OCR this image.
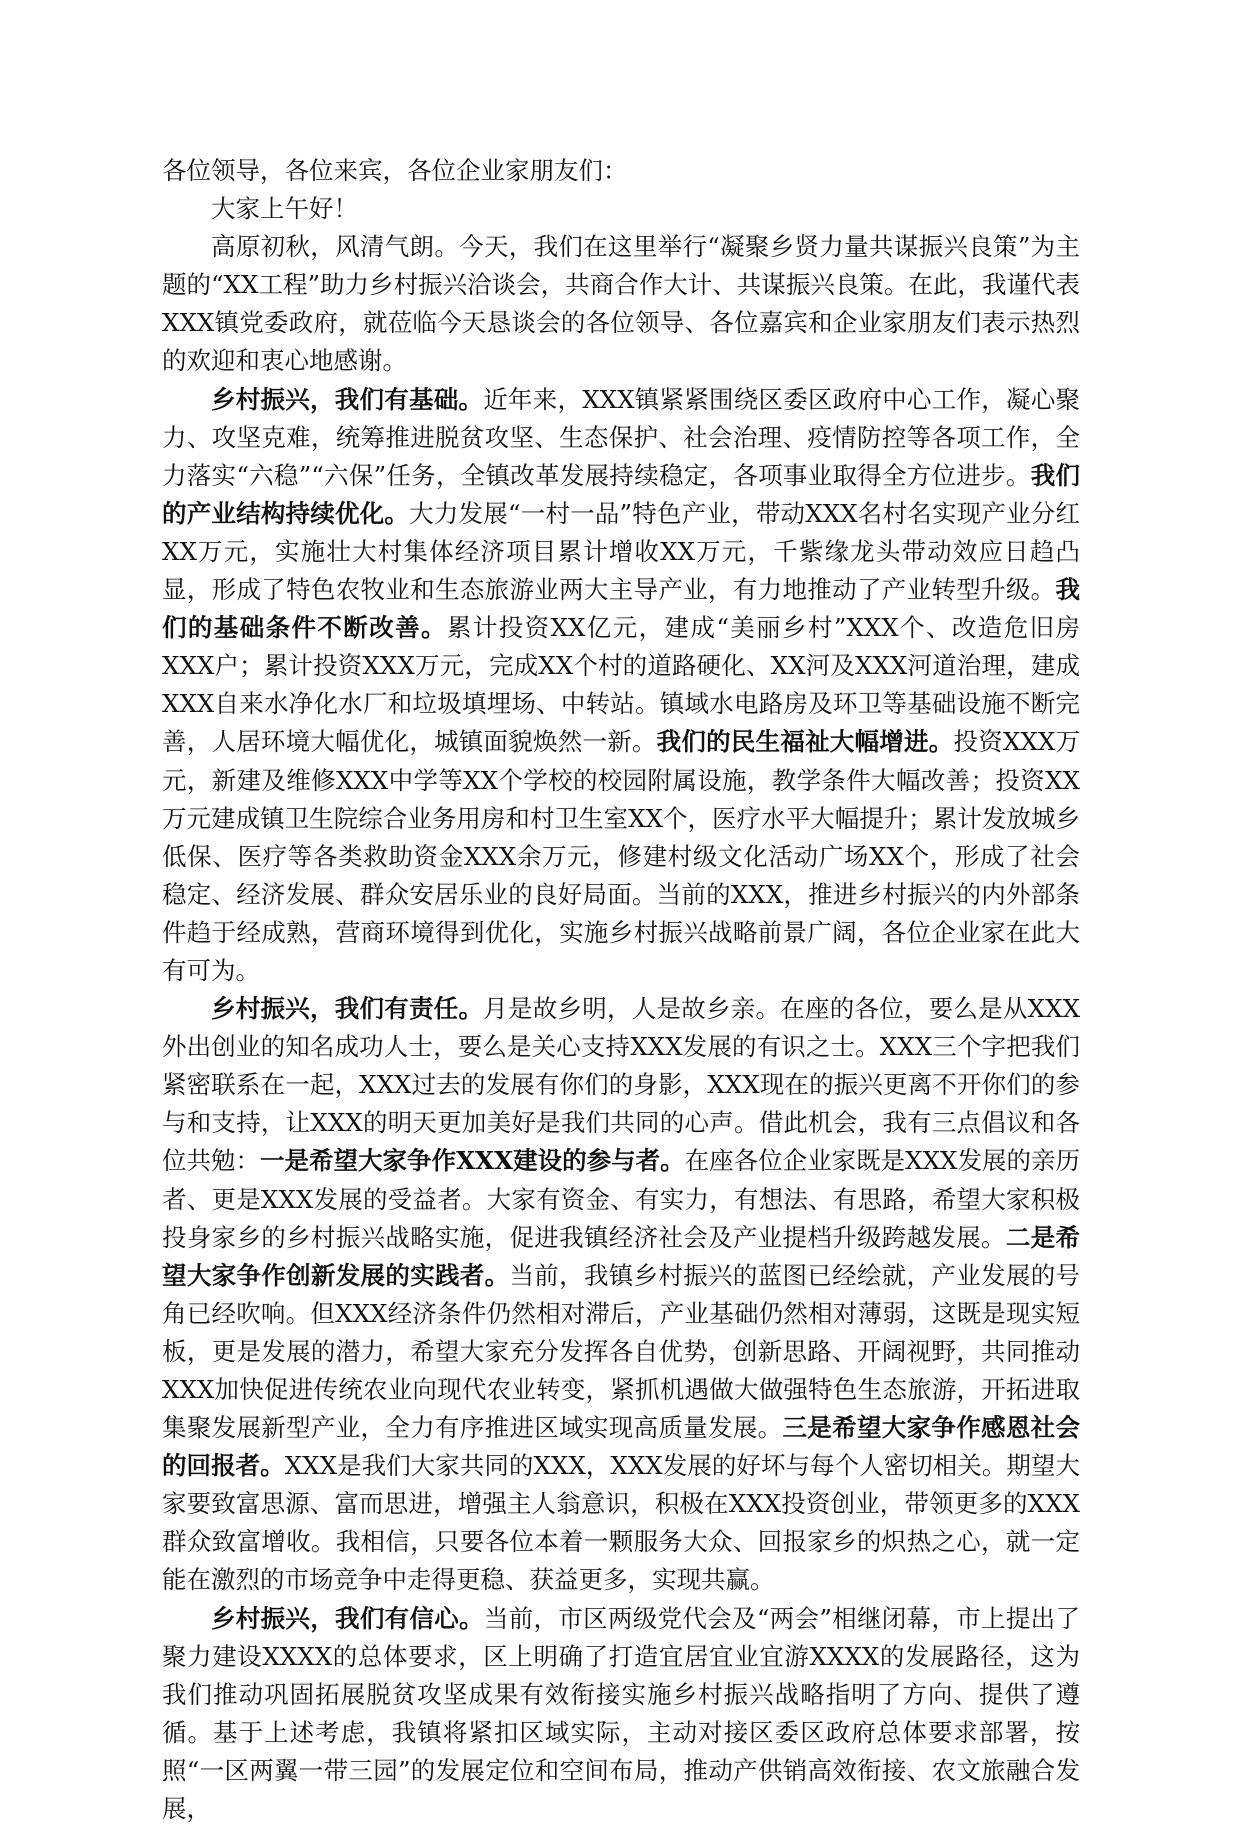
各位领导，各位来宾，各位企业家朋友们：

大家上午好！

高原初秋，风清气朗。今天，我们在这里举行“凝聚乡贤力量共谋振兴良策”为主题的“XX工程”助力乡村振兴洽谈会，共商合作大计、共谋振兴良策。在此，我谨代表XXX镇党委政府，就莅临今天恳谈会的各位领导、各位嘉宾和企业家朋友们表示热烈的欢迎和衷心地感谢。

乡村振兴，我们有基础。近年来，XXX镇紧紧围绕区委区政府中心工作，凝心聚力、攻坚克难，统筹推进脱贫攻坚、生态保护、社会治理、疫情防控等各项工作，全力落实“六稳”“六保”任务，全镇改革发展持续稳定，各项事业取得全方位进步。我们的产业结构持续优化。大力发展“一村一品”特色产业，带动XXX名村名实现产业分红XX万元，实施壮大村集体经济项目累计增收XX万元，千紫缘龙头带动效应日趋凸显，形成了特色农牧业和生态旅游业两大主导产业，有力地推动了产业转型升级。我们的基础条件不断改善。累计投资XX亿元，建成“美丽乡村”XXX个、改造危旧房XXX户；累计投资XXX万元，完成XX个村的道路硬化、XX河及XXX河道治理，建成XXX自来水净化水厂和垃圾填埋场、中转站。镇域水电路房及环卫等基础设施不断完善，人居环境大幅优化，城镇面貌焕然一新。我们的民生福祉大幅增进。投资XXX万元，新建及维修XXX中学等XX个学校的校园附属设施，教学条件大幅改善；投资XX万元建成镇卫生院综合业务用房和村卫生室XX个，医疗水平大幅提升；累计发放城乡低保、医疗等各类救助资金XXX余万元，修建村级文化活动广场XX个，形成了社会稳定、经济发展、群众安居乐业的良好局面。当前的XXX，推进乡村振兴的内外部条件趋于经成熟，营商环境得到优化，实施乡村振兴战略前景广阔，各位企业家在此大有可为。

乡村振兴，我们有责任。月是故乡明，人是故乡亲。在座的各位，要么是从XXX外出创业的知名成功人士，要么是关心支持XXX发展的有识之士。XXX三个字把我们紧密联系在一起，XXX过去的发展有你们的身影，XXX现在的振兴更离不开你们的参与和支持，让XXX的明天更加美好是我们共同的心声。借此机会，我有三点倡议和各位共勉：一是希望大家争作XXX建设的参与者。在座各位企业家既是XXX发展的亲历者、更是XXX发展的受益者。大家有资金、有实力，有想法、有思路，希望大家积极投身家乡的乡村振兴战略实施，促进我镇经济社会及产业提档升级跨越发展。二是希望大家争作创新发展的实践者。当前，我镇乡村振兴的蓝图已经绘就，产业发展的号角已经吹响。但XXX经济条件仍然相对滞后，产业基础仍然相对薄弱，这既是现实短板，更是发展的潜力，希望大家充分发挥各自优势，创新思路、开阔视野，共同推动XXX加快促进传统农业向现代农业转变，紧抓机遇做大做强特色生态旅游，开拓进取集聚发展新型产业，全力有序推进区域实现高质量发展。三是希望大家争作感恩社会的回报者。XXX是我们大家共同的XXX，XXX发展的好坏与每个人密切相关。期望大家要致富思源、富而思进，增强主人翁意识，积极在XXX投资创业，带领更多的XXX群众致富增收。我相信，只要各位本着一颗服务大众、回报家乡的炽热之心，就一定能在激烈的市场竞争中走得更稳、获益更多，实现共赢。

乡村振兴，我们有信心。当前，市区两级党代会及“两会”相继闭幕，市上提出了聚力建设XXXX的总体要求，区上明确了打造宜居宜业宜游XXXX的发展路径，这为我们推动巩固拓展脱贫攻坚成果有效衔接实施乡村振兴战略指明了方向、提供了遵循。基于上述考虑，我镇将紧扣区域实际，主动对接区委区政府总体要求部署，按照“一区两翼一带三园”的发展定位和空间布局，推动产供销高效衔接、农文旅融合发展，
